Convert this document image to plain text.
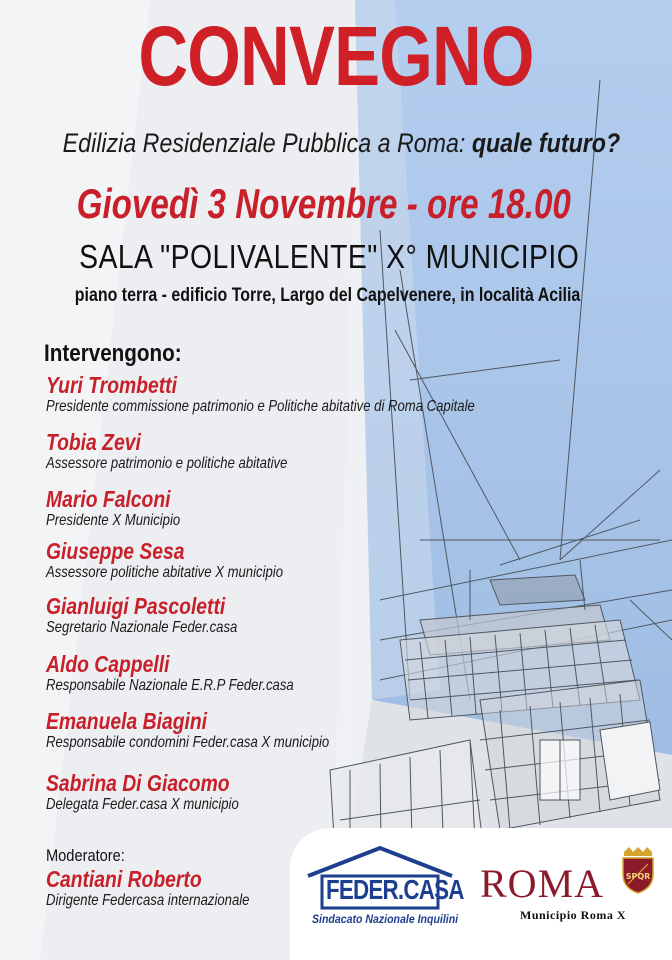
CONVEGNO
Edilizia Residenziale Pubblica a Roma: quale futuro?
Giovedì 3 Novembre - ore 18.00
SALA "POLIVALENTE" X° MUNICIPIO
piano terra - edificio Torre, Largo del Capelvenere, in località Acilia
Intervengono:
Yuri Trombetti
Presidente commissione patrimonio e Politiche abitative di Roma Capitale
Tobia Zevi
Assessore patrimonio e politiche abitative
Mario Falconi
Presidente X Municipio
Giuseppe Sesa
Assessore politiche abitative X municipio
Gianluigi Pascoletti
Segretario Nazionale Feder.casa
Aldo Cappelli
Responsabile Nazionale E.R.P Feder.casa
Emanuela Biagini
Responsabile condomini Feder.casa X municipio
Sabrina Di Giacomo
Delegata Feder.casa X municipio
Moderatore:
Cantiani Roberto
Dirigente Federcasa internazionale	FEDER.CASA
Sindacato Nazionale Inquilini
ROMA	SPQR
Municipio Roma X
